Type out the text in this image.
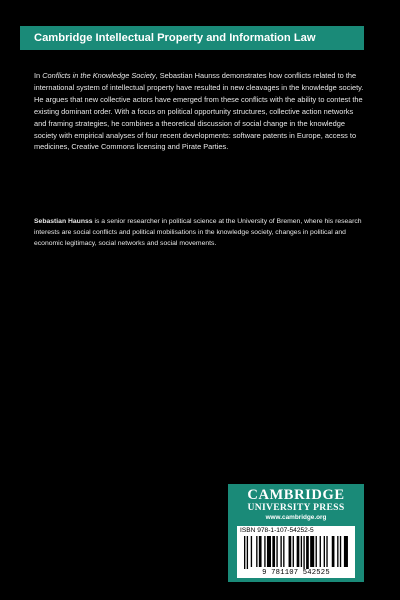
Cambridge Intellectual Property and Information Law

In Conflicts in the Knowledge Society, Sebastian Haunss demonstrates how conflicts related to the international system of intellectual property have resulted in new cleavages in the knowledge society. He argues that new collective actors have emerged from these conflicts with the ability to contest the existing dominant order. With a focus on political opportunity structures, collective action networks and framing strategies, he combines a theoretical discussion of social change in the knowledge society with empirical analyses of four recent developments: software patents in Europe, access to medicines, Creative Commons licensing and Pirate Parties.

Sebastian Haunss is a senior researcher in political science at the University of Bremen, where his research interests are social conflicts and political mobilisations in the knowledge society, changes in political and economic legitimacy, social networks and social movements.

CAMBRIDGE
UNIVERSITY PRESS
www.cambridge.org
ISBN 978-1-107-54252-5
9 781107 542525
